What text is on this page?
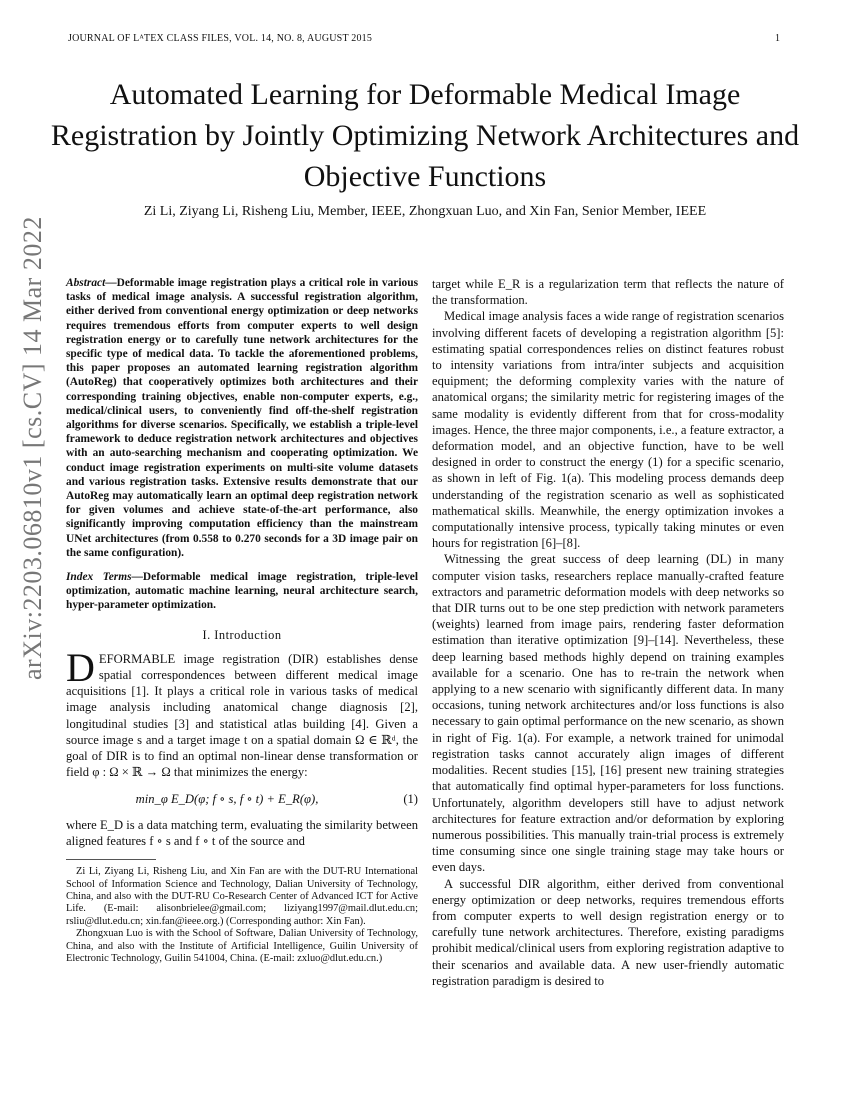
JOURNAL OF LᴬTEX CLASS FILES, VOL. 14, NO. 8, AUGUST 2015	1
arXiv:2203.06810v1 [cs.CV] 14 Mar 2022
Automated Learning for Deformable Medical Image Registration by Jointly Optimizing Network Architectures and Objective Functions
Zi Li, Ziyang Li, Risheng Liu, Member, IEEE, Zhongxuan Luo, and Xin Fan, Senior Member, IEEE
Abstract—Deformable image registration plays a critical role in various tasks of medical image analysis. A successful registration algorithm, either derived from conventional energy optimization or deep networks requires tremendous efforts from computer experts to well design registration energy or to carefully tune network architectures for the specific type of medical data. To tackle the aforementioned problems, this paper proposes an automated learning registration algorithm (AutoReg) that cooperatively optimizes both architectures and their corresponding training objectives, enable non-computer experts, e.g., medical/clinical users, to conveniently find off-the-shelf registration algorithms for diverse scenarios. Specifically, we establish a triple-level framework to deduce registration network architectures and objectives with an auto-searching mechanism and cooperating optimization. We conduct image registration experiments on multi-site volume datasets and various registration tasks. Extensive results demonstrate that our AutoReg may automatically learn an optimal deep registration network for given volumes and achieve state-of-the-art performance, also significantly improving computation efficiency than the mainstream UNet architectures (from 0.558 to 0.270 seconds for a 3D image pair on the same configuration).
Index Terms—Deformable medical image registration, triple-level optimization, automatic machine learning, neural architecture search, hyper-parameter optimization.
I. Introduction

DEFORMABLE image registration (DIR) establishes dense spatial correspondences between different medical image acquisitions [1]. It plays a critical role in various tasks of medical image analysis including anatomical change diagnosis [2], longitudinal studies [3] and statistical atlas building [4]. Given a source image s and a target image t on a spatial domain Ω ∈ ℝᵈ, the goal of DIR is to find an optimal non-linear dense transformation or field φ : Ω × ℝ → Ω that minimizes the energy:

min_φ E_D(φ; f ∘ s, f ∘ t) + E_R(φ),	(1)

where E_D is a data matching term, evaluating the similarity between aligned features f ∘ s and f ∘ t of the source and

Zi Li, Ziyang Li, Risheng Liu, and Xin Fan are with the DUT-RU International School of Information Science and Technology, Dalian University of Technology, China, and also with the DUT-RU Co-Research Center of Advanced ICT for Active Life. (E-mail: alisonbrielee@gmail.com; liziyang1997@mail.dlut.edu.cn; rsliu@dlut.edu.cn; xin.fan@ieee.org.) (Corresponding author: Xin Fan).

Zhongxuan Luo is with the School of Software, Dalian University of Technology, China, and also with the Institute of Artificial Intelligence, Guilin University of Electronic Technology, Guilin 541004, China. (E-mail: zxluo@dlut.edu.cn.)

target while E_R is a regularization term that reflects the nature of the transformation.

Medical image analysis faces a wide range of registration scenarios involving different facets of developing a registration algorithm [5]: estimating spatial correspondences relies on distinct features robust to intensity variations from intra/inter subjects and acquisition equipment; the deforming complexity varies with the nature of anatomical organs; the similarity metric for registering images of the same modality is evidently different from that for cross-modality images. Hence, the three major components, i.e., a feature extractor, a deformation model, and an objective function, have to be well designed in order to construct the energy (1) for a specific scenario, as shown in left of Fig. 1(a). This modeling process demands deep understanding of the registration scenario as well as sophisticated mathematical skills. Meanwhile, the energy optimization invokes a computationally intensive process, typically taking minutes or even hours for registration [6]–[8].

Witnessing the great success of deep learning (DL) in many computer vision tasks, researchers replace manually-crafted feature extractors and parametric deformation models with deep networks so that DIR turns out to be one step prediction with network parameters (weights) learned from image pairs, rendering faster deformation estimation than iterative optimization [9]–[14]. Nevertheless, these deep learning based methods highly depend on training examples available for a scenario. One has to re-train the network when applying to a new scenario with significantly different data. In many occasions, tuning network architectures and/or loss functions is also necessary to gain optimal performance on the new scenario, as shown in right of Fig. 1(a). For example, a network trained for unimodal registration tasks cannot accurately align images of different modalities. Recent studies [15], [16] present new training strategies that automatically find optimal hyper-parameters for loss functions. Unfortunately, algorithm developers still have to adjust network architectures for feature extraction and/or deformation by exploring numerous possibilities. This manually train-trial process is extremely time consuming since one single training stage may take hours or even days.

A successful DIR algorithm, either derived from conventional energy optimization or deep networks, requires tremendous efforts from computer experts to well design registration energy or to carefully tune network architectures. Therefore, existing paradigms prohibit medical/clinical users from exploring registration adaptive to their scenarios and available data. A new user-friendly automatic registration paradigm is desired to
